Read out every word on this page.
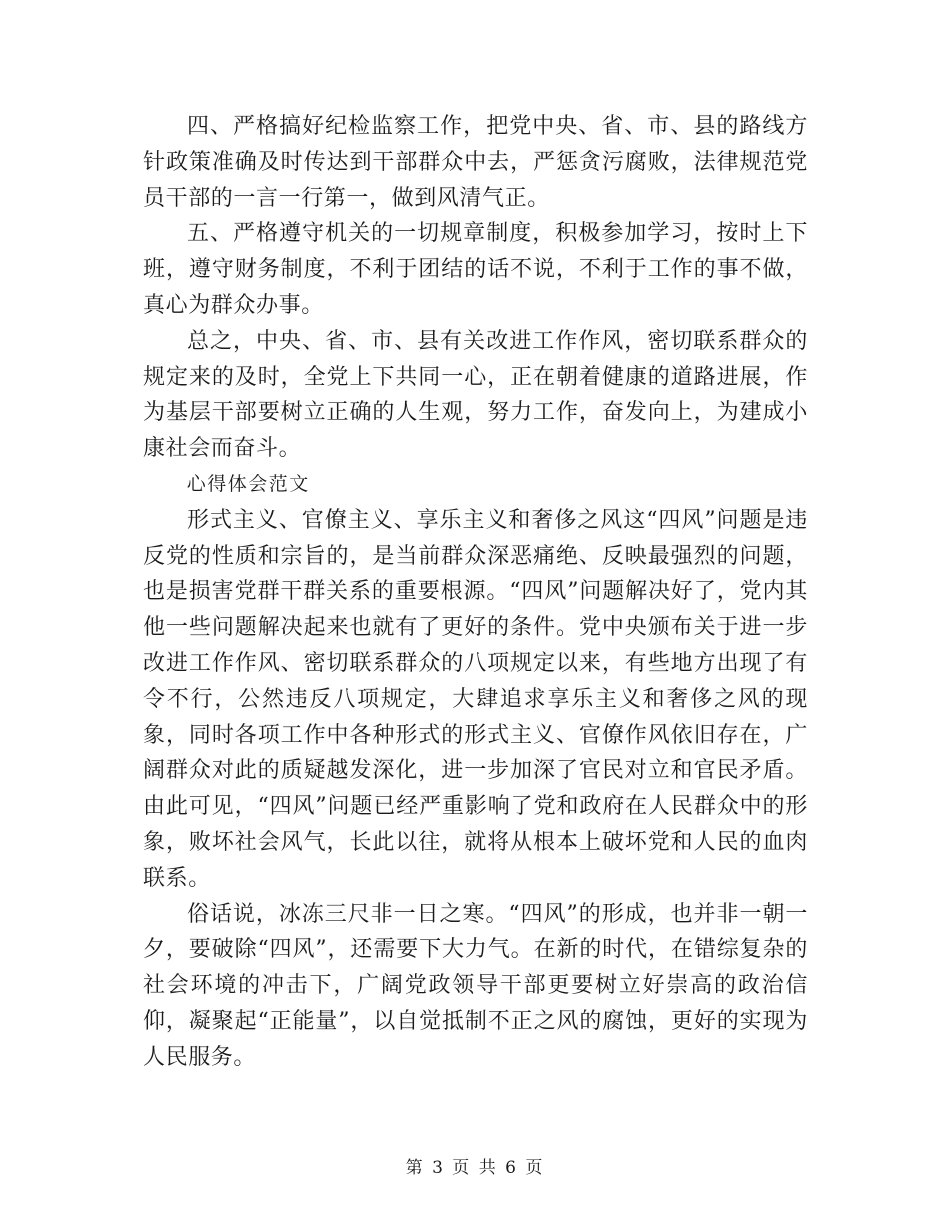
四、严格搞好纪检监察工作，把党中央、省、市、县的路线方针政策准确及时传达到干部群众中去，严惩贪污腐败，法律规范党员干部的一言一行第一，做到风清气正。

五、严格遵守机关的一切规章制度，积极参加学习，按时上下班，遵守财务制度，不利于团结的话不说，不利于工作的事不做，真心为群众办事。

总之，中央、省、市、县有关改进工作作风，密切联系群众的规定来的及时，全党上下共同一心，正在朝着健康的道路进展，作为基层干部要树立正确的人生观，努力工作，奋发向上，为建成小康社会而奋斗。

心得体会范文

形式主义、官僚主义、享乐主义和奢侈之风这“四风”问题是违反党的性质和宗旨的，是当前群众深恶痛绝、反映最强烈的问题，也是损害党群干群关系的重要根源。“四风”问题解决好了，党内其他一些问题解决起来也就有了更好的条件。党中央颁布关于进一步改进工作作风、密切联系群众的八项规定以来，有些地方出现了有令不行，公然违反八项规定，大肆追求享乐主义和奢侈之风的现象，同时各项工作中各种形式的形式主义、官僚作风依旧存在，广阔群众对此的质疑越发深化，进一步加深了官民对立和官民矛盾。由此可见，“四风”问题已经严重影响了党和政府在人民群众中的形象，败坏社会风气，长此以往，就将从根本上破坏党和人民的血肉联系。

俗话说，冰冻三尺非一日之寒。“四风”的形成，也并非一朝一夕，要破除“四风”，还需要下大力气。在新的时代，在错综复杂的社会环境的冲击下，广阔党政领导干部更要树立好崇高的政治信仰，凝聚起“正能量”，以自觉抵制不正之风的腐蚀，更好的实现为人民服务。

第 3 页 共 6 页
